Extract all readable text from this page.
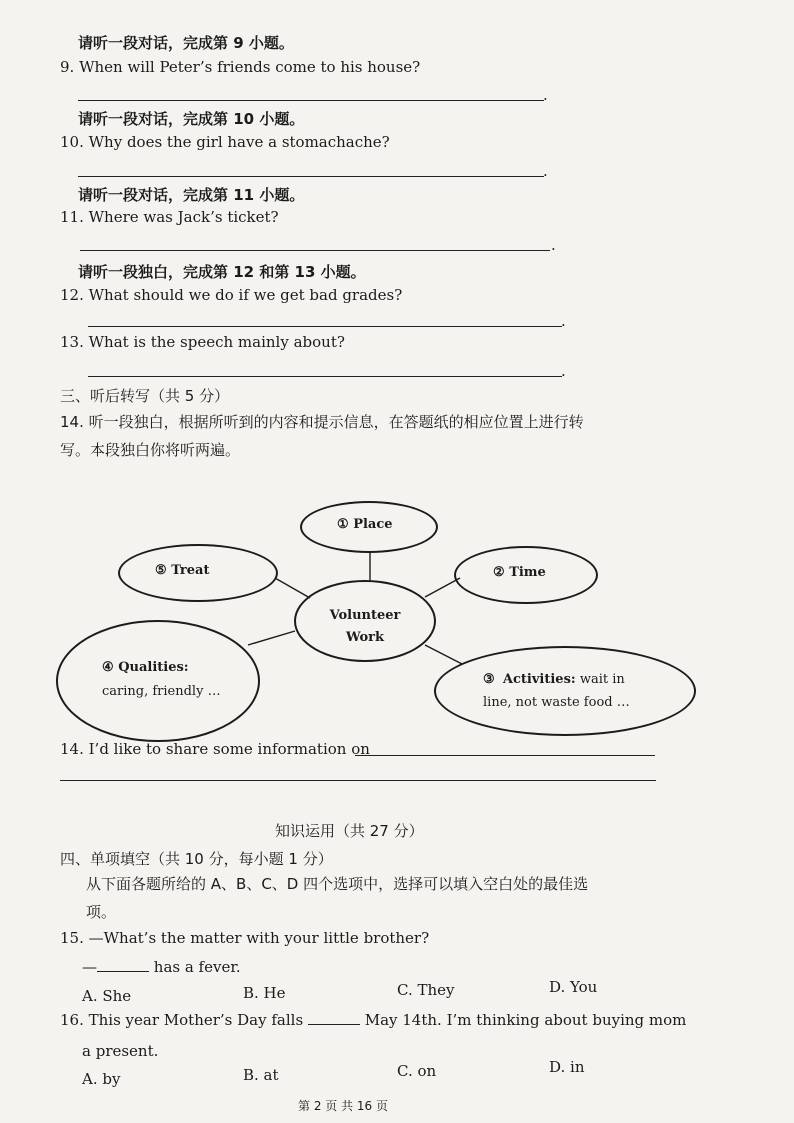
请听一段对话，完成第 9 小题。
9. When will Peter’s friends come to his house?
.
请听一段对话，完成第 10 小题。
10. Why does the girl have a stomachache?
.
请听一段对话，完成第 11 小题。
11. Where was Jack’s ticket?
.
请听一段独白，完成第 12 和第 13 小题。
12. What should we do if we get bad grades?
.
13. What is the speech mainly about?
.
三、听后转写（共 5 分）
14. 听一段独白，根据所听到的内容和提示信息，在答题纸的相应位置上进行转
写。本段独白你将听两遍。
① Place
⑤ Treat	② Time
Volunteer
Work
④ Qualities:
caring, friendly …
③ Activities: wait in
line, not waste food …
14. I’d like to share some information on
知识运用（共 27 分）
四、单项填空（共 10 分，每小题 1 分）
从下面各题所给的 A、B、C、D 四个选项中，选择可以填入空白处的最佳选
项。
15. —What’s the matter with your little brother?
—	has a fever.
A. She	B. He	C. They	D. You
16. This year Mother’s Day falls	May 14th. I’m thinking about buying mom
a present.
A. by	B. at	C. on	D. in
第 2 页 共 16 页
